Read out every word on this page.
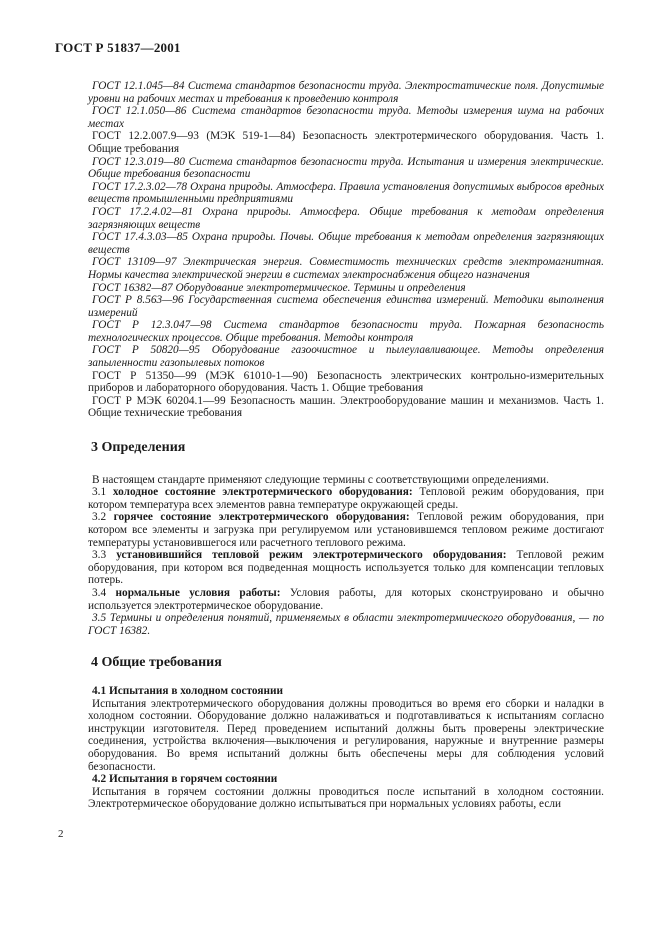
ГОСТ Р 51837—2001

ГОСТ 12.1.045—84 Система стандартов безопасности труда. Электростатические поля. Допустимые уровни на рабочих местах и требования к проведению контроля

ГОСТ 12.1.050—86 Система стандартов безопасности труда. Методы измерения шума на рабочих местах

ГОСТ 12.2.007.9—93 (МЭК 519-1—84) Безопасность электротермического оборудования. Часть 1. Общие требования

ГОСТ 12.3.019—80 Система стандартов безопасности труда. Испытания и измерения электрические. Общие требования безопасности

ГОСТ 17.2.3.02—78 Охрана природы. Атмосфера. Правила установления допустимых выбросов вредных веществ промышленными предприятиями

ГОСТ 17.2.4.02—81 Охрана природы. Атмосфера. Общие требования к методам определения загрязняющих веществ

ГОСТ 17.4.3.03—85 Охрана природы. Почвы. Общие требования к методам определения загрязняющих веществ

ГОСТ 13109—97 Электрическая энергия. Совместимость технических средств электромагнитная. Нормы качества электрической энергии в системах электроснабжения общего назначения

ГОСТ 16382—87 Оборудование электротермическое. Термины и определения

ГОСТ Р 8.563—96 Государственная система обеспечения единства измерений. Методики выполнения измерений

ГОСТ Р 12.3.047—98 Система стандартов безопасности труда. Пожарная безопасность технологических процессов. Общие требования. Методы контроля

ГОСТ Р 50820—95 Оборудование газоочистное и пылеулавливающее. Методы определения запыленности газопылевых потоков

ГОСТ Р 51350—99 (МЭК 61010-1—90) Безопасность электрических контрольно-измерительных приборов и лабораторного оборудования. Часть 1. Общие требования

ГОСТ Р МЭК 60204.1—99 Безопасность машин. Электрооборудование машин и механизмов. Часть 1. Общие технические требования

3 Определения

В настоящем стандарте применяют следующие термины с соответствующими определениями.

3.1 холодное состояние электротермического оборудования: Тепловой режим оборудования, при котором температура всех элементов равна температуре окружающей среды.

3.2 горячее состояние электротермического оборудования: Тепловой режим оборудования, при котором все элементы и загрузка при регулируемом или установившемся тепловом режиме достигают температуры установившегося или расчетного теплового режима.

3.3 установившийся тепловой режим электротермического оборудования: Тепловой режим оборудования, при котором вся подведенная мощность используется только для компенсации тепловых потерь.

3.4 нормальные условия работы: Условия работы, для которых сконструировано и обычно используется электротермическое оборудование.

3.5 Термины и определения понятий, применяемых в области электротермического оборудования, — по ГОСТ 16382.

4 Общие требования
4.1 Испытания в холодном состоянии

Испытания электротермического оборудования должны проводиться во время его сборки и наладки в холодном состоянии. Оборудование должно налаживаться и подготавливаться к испытаниям согласно инструкции изготовителя. Перед проведением испытаний должны быть проверены электрические соединения, устройства включения—выключения и регулирования, наружные и внутренние размеры оборудования. Во время испытаний должны быть обеспечены меры для соблюдения условий безопасности.

4.2 Испытания в горячем состоянии

Испытания в горячем состоянии должны проводиться после испытаний в холодном состоянии. Электротермическое оборудование должно испытываться при нормальных условиях работы, если

2
